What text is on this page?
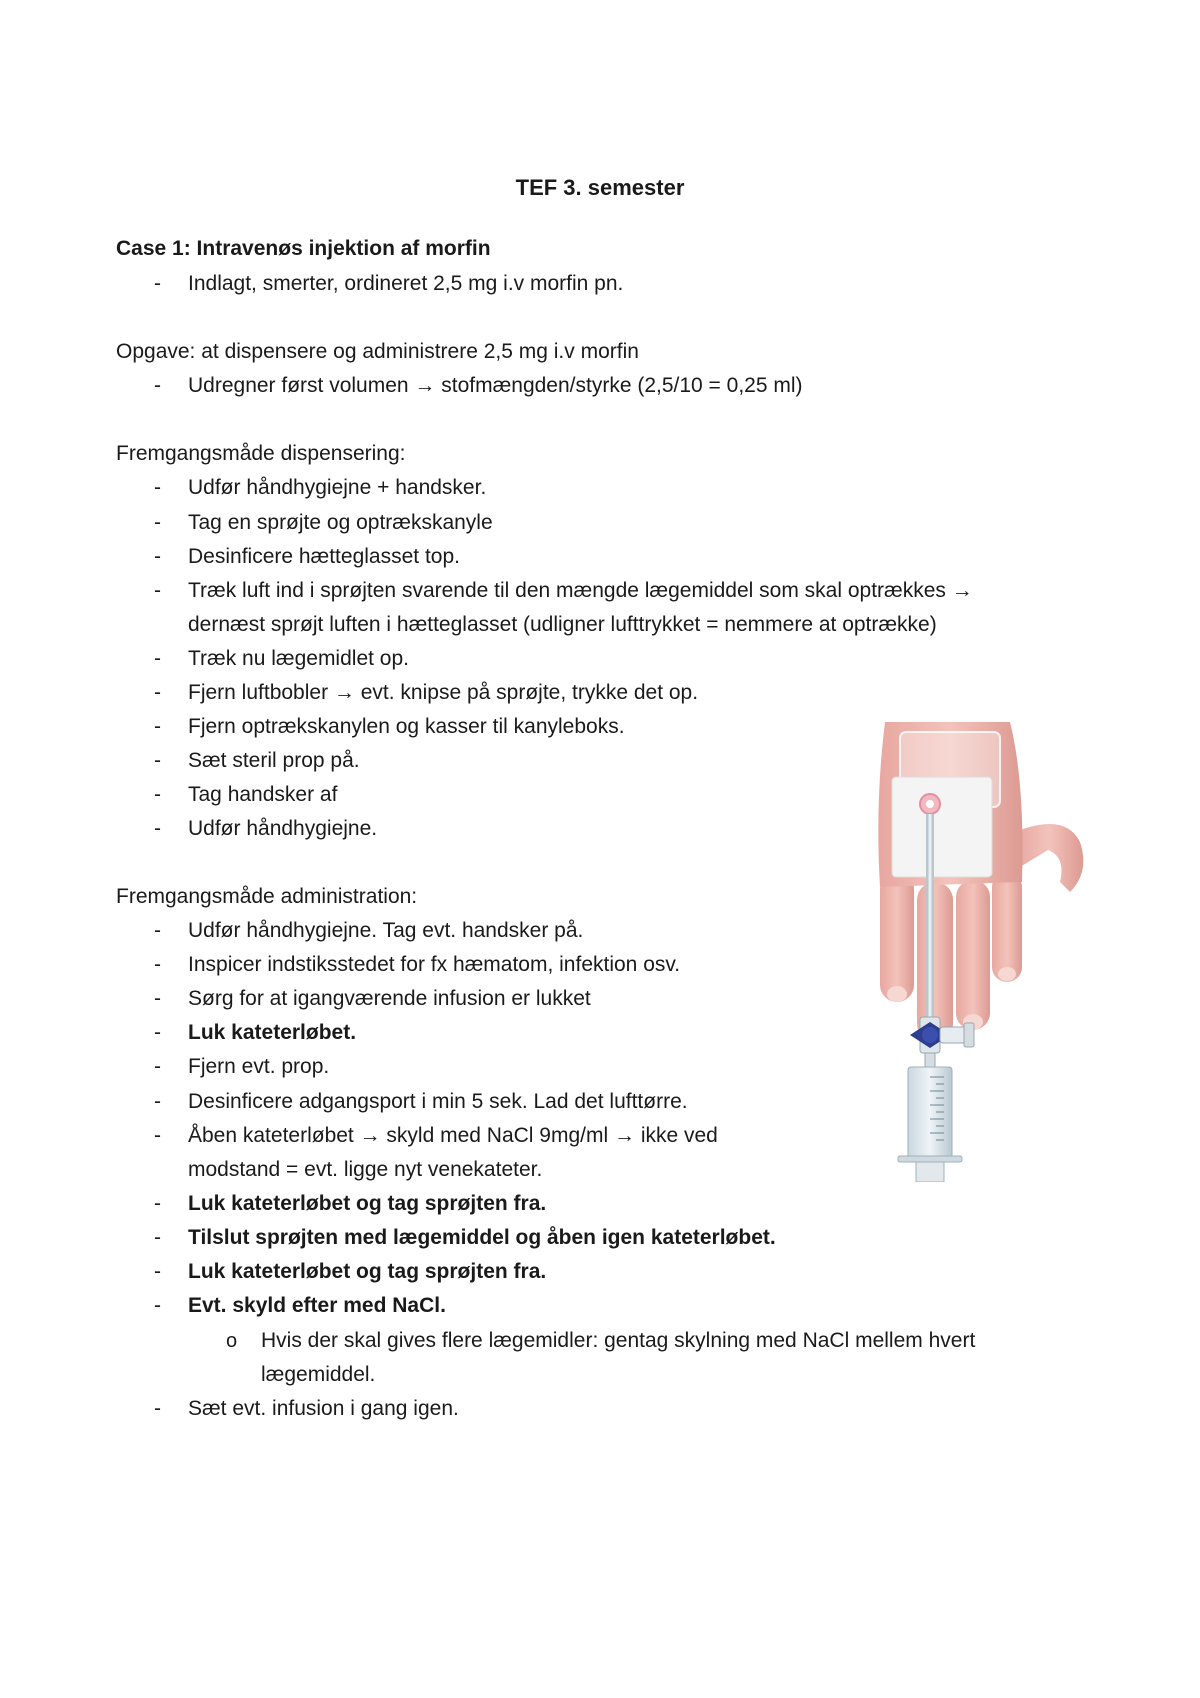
TEF 3. semester
Case 1: Intravenøs injektion af morfin
- Indlagt, smerter, ordineret 2,5 mg i.v morfin pn.
Opgave: at dispensere og administrere 2,5 mg i.v morfin
- Udregner først volumen → stofmængden/styrke (2,5/10 = 0,25 ml)
Fremgangsmåde dispensering:
- Udfør håndhygiejne + handsker.
- Tag en sprøjte og optrækskanyle
- Desinficere hætteglasset top.
- Træk luft ind i sprøjten svarende til den mængde lægemiddel som skal optrækkes →
dernæst sprøjt luften i hætteglasset (udligner lufttrykket = nemmere at optrække)
- Træk nu lægemidlet op.
- Fjern luftbobler → evt. knipse på sprøjte, trykke det op.
- Fjern optrækskanylen og kasser til kanyleboks.
- Sæt steril prop på.
- Tag handsker af
- Udfør håndhygiejne.
Fremgangsmåde administration:
- Udfør håndhygiejne. Tag evt. handsker på.
- Inspicer indstiksstedet for fx hæmatom, infektion osv.
- Sørg for at igangværende infusion er lukket
- Luk kateterløbet.
- Fjern evt. prop.
- Desinficere adgangsport i min 5 sek. Lad det lufttørre.
- Åben kateterløbet → skyld med NaCl 9mg/ml → ikke ved
modstand = evt. ligge nyt venekateter.
- Luk kateterløbet og tag sprøjten fra.
- Tilslut sprøjten med lægemiddel og åben igen kateterløbet.
- Luk kateterløbet og tag sprøjten fra.
- Evt. skyld efter med NaCl.
o Hvis der skal gives flere lægemidler: gentag skylning med NaCl mellem hvert
lægemiddel.
- Sæt evt. infusion i gang igen.
